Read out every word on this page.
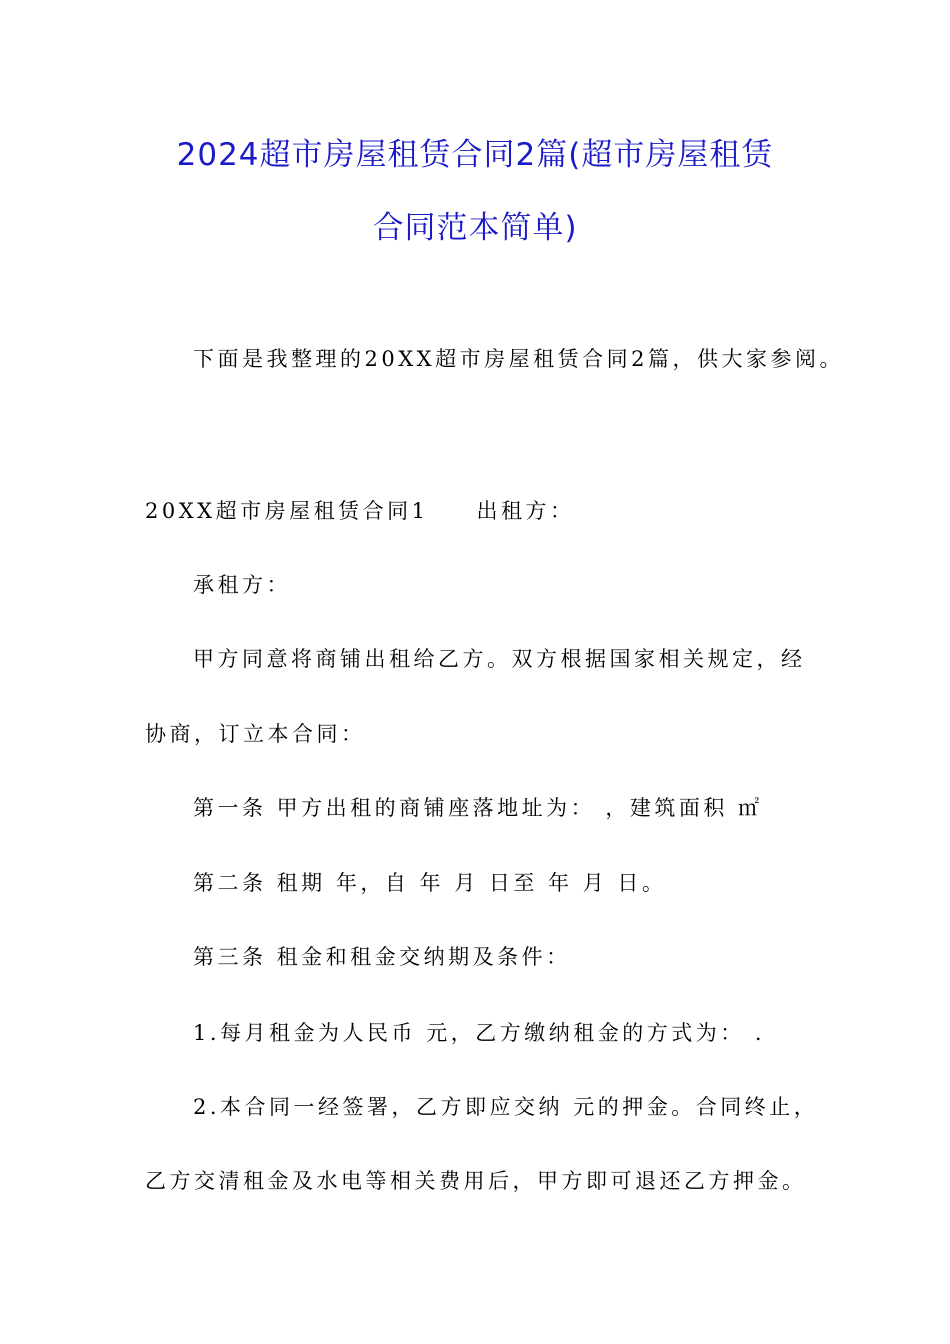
2024超市房屋租赁合同2篇(超市房屋租赁
合同范本简单)
下面是我整理的20XX超市房屋租赁合同2篇，供大家参阅。
20XX超市房屋租赁合同1 出租方：
承租方：
甲方同意将商铺出租给乙方。双方根据国家相关规定，经
协商，订立本合同：
第一条 甲方出租的商铺座落地址为： ，建筑面积 ㎡
第二条 租期 年，自 年 月 日至 年 月 日。
第三条 租金和租金交纳期及条件：
1.每月租金为人民币 元，乙方缴纳租金的方式为： .
2.本合同一经签署，乙方即应交纳 元的押金。合同终止，
乙方交清租金及水电等相关费用后，甲方即可退还乙方押金。
